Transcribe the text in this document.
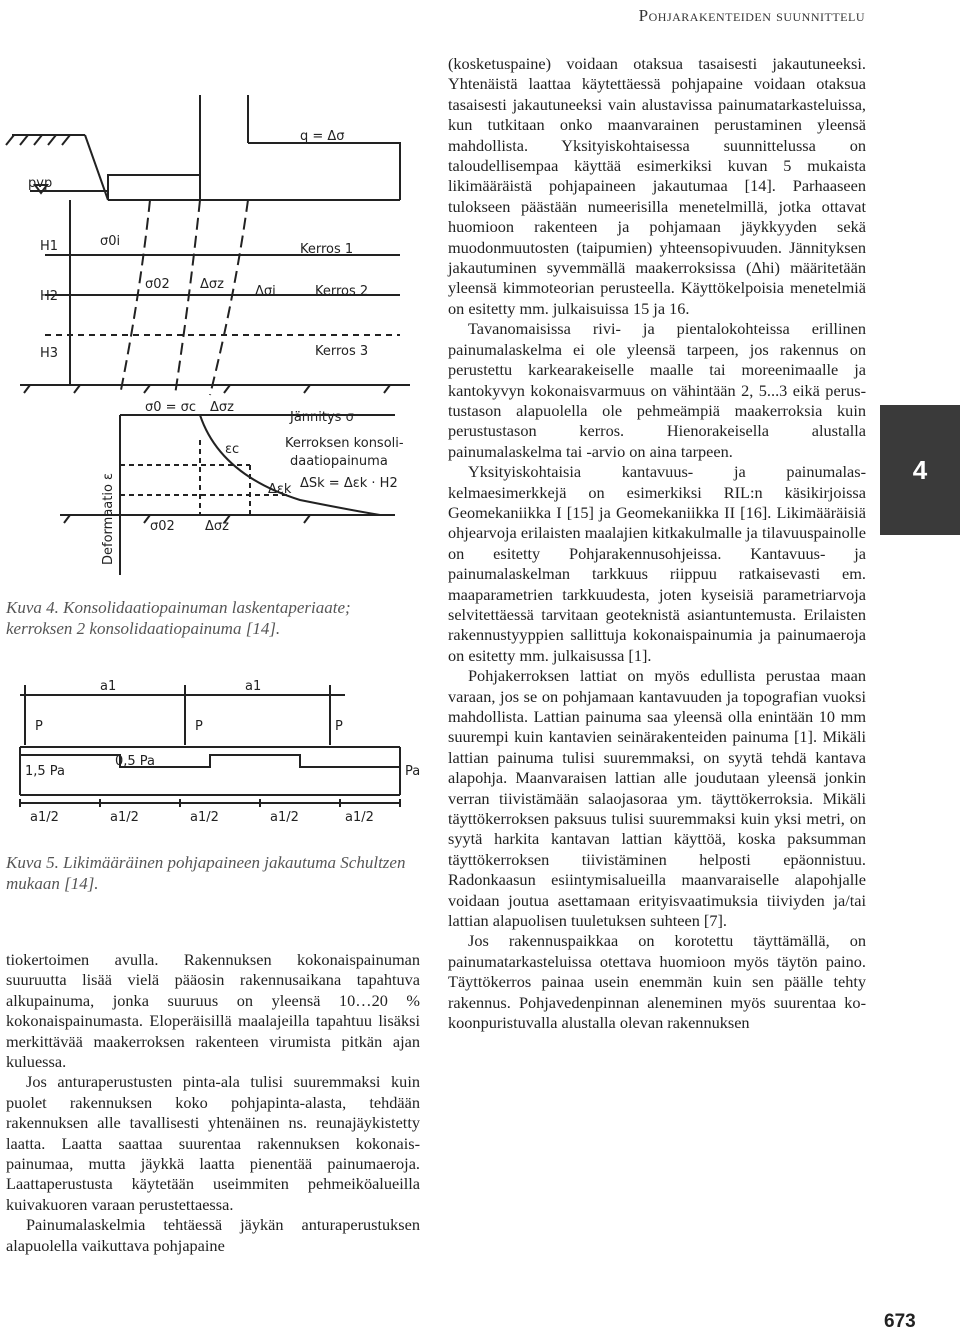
Pohjarakenteiden suunnittelu
pvp
q = Δσ
H1
H2
H3
σ0i
σ02 Δσz Δσi
Kerros 1
Kerros 2
Kerros 3
σ0 = σc Δσz
Jännitys σ
εc	Kerroksen konsoli-
daatiopainuma
ΔSk = Δεk · H2
Δεk
σ02 Δσz
Deformaatio ε
Kuva 4. Konsolidaatiopainuman laskentaperiaate; kerroksen 2 konsolidaatiopainuma [14].
a1	a1
P	P	P
1,5 Pa
0,5 Pa
Pa
a1/2	a1/2	a1/2	a1/2	a1/2
Kuva 5. Likimääräinen pohjapaineen jakautuma Schultzen mukaan [14].

tiokertoimen avulla. Rakennuksen kokonaispainuman suuruutta lisää vielä pääosin rakennusaikana tapahtuva alkupainuma, jonka suuruus on yleensä 10…20 % kokonaispainumasta. Eloperäisillä maalajeilla tapahtuu lisäksi merkittävää maakerroksen rakenteen virumista pitkän ajan kuluessa.

Jos anturaperustusten pinta-ala tulisi suuremmaksi kuin puolet rakennuksen koko pohjapinta-alasta, tehdään rakennuksen alle tavallisesti yhtenäinen ns. reunajäykistetty laatta. Laatta saattaa suurentaa rakennuksen kokonaispainumaa, mutta jäykkä laatta pienentää painumaeroja. Laattaperustusta käytetään useimmiten pehmeiköalueilla kuivakuoren varaan perustettaessa.

Painumalaskelmia tehtäessä jäykän anturaperustuksen alapuolella vaikuttava pohjapaine

(kosketuspaine) voidaan otaksua tasaisesti jakautuneeksi. Yhtenäistä laattaa käytettäessä pohjapaine voidaan otaksua tasaisesti jakautuneeksi vain alustavissa painumatarkasteluissa, kun tutkitaan onko maanvarainen perustaminen yleensä mahdollista. Yksityiskohtaisessa suunnittelussa on taloudellisempaa käyttää esimerkiksi kuvan 5 mukaista likimääräistä pohjapaineen jakautumaa [14]. Parhaaseen tulokseen päästään numeerisilla menetelmillä, jotka ottavat huomioon rakenteen ja pohjamaan jäykkyyden sekä muodonmuutosten (taipumien) yhteensopivuuden. Jännityksen jakautuminen syvemmällä maakerroksissa (Δhi) määritetään yleensä kimmoteorian perusteella. Käyttökelpoisia menetelmiä on esitetty mm. julkaisuissa 15 ja 16.

Tavanomaisissa rivi- ja pientalokohteissa erillinen painumalaskelma ei ole yleensä tarpeen, jos rakennus on perustettu karkearakeiselle maalle tai moreenimaalle ja kantokyvyn kokonaisvarmuus on vähintään 2, 5...3 eikä perustustason alapuolella ole pehmeämpiä maakerroksia kuin perustustason kerros. Hienorakeisella alustalla painumalaskelma tai -arvio on aina tarpeen.

Yksityiskohtaisia kantavuus- ja painumalaskelmaesimerkkejä on esimerkiksi RIL:n käsikirjoissa Geomekaniikka I [15] ja Geomekaniikka II [16]. Likimääräisiä ohjearvoja erilaisten maalajien kitkakulmalle ja tilavuuspainolle on esitetty Pohjarakennusohjeissa. Kantavuus- ja painumalaskelman tarkkuus riippuu ratkaisevasti em. maaparametrien tarkkuudesta, joten kyseisiä parametriarvoja selvitettäessä tarvitaan geoteknistä asiantuntemusta. Erilaisten rakennustyyppien sallittuja kokonaispainumia ja painumaeroja on esitetty mm. julkaisussa [1].

Pohjakerroksen lattiat on myös edullista perustaa maan varaan, jos se on pohjamaan kantavuuden ja topografian vuoksi mahdollista. Lattian painuma saa yleensä olla enintään 10 mm suurempi kuin kantavien seinärakenteiden painuma [1]. Mikäli lattian painuma tulisi suuremmaksi, on syytä tehdä kantava alapohja. Maanvaraisen lattian alle joudutaan yleensä jonkin verran tiivistämään salaojasoraa ym. täyttökerroksia. Mikäli täyttökerroksen paksuus tulisi suuremmaksi kuin yksi metri, on syytä harkita kantavan lattian käyttöä, koska paksumman täyttökerroksen tiivistäminen helposti epäonnistuu. Radonkaasun esiintymisalueilla maanvaraiselle alapohjalle voidaan joutua asettamaan erityisvaatimuksia tiiviyden ja/tai lattian alapuolisen tuuletuksen suhteen [7].

Jos rakennuspaikkaa on korotettu täyttämällä, on painumatarkasteluissa otettava huomioon myös täytön paino. Täyttökerros painaa usein enemmän kuin sen päälle tehty rakennus. Pohjavedenpinnan aleneminen myös suurentaa kokoonpuristuvalla alustalla olevan rakennuksen

4
673
